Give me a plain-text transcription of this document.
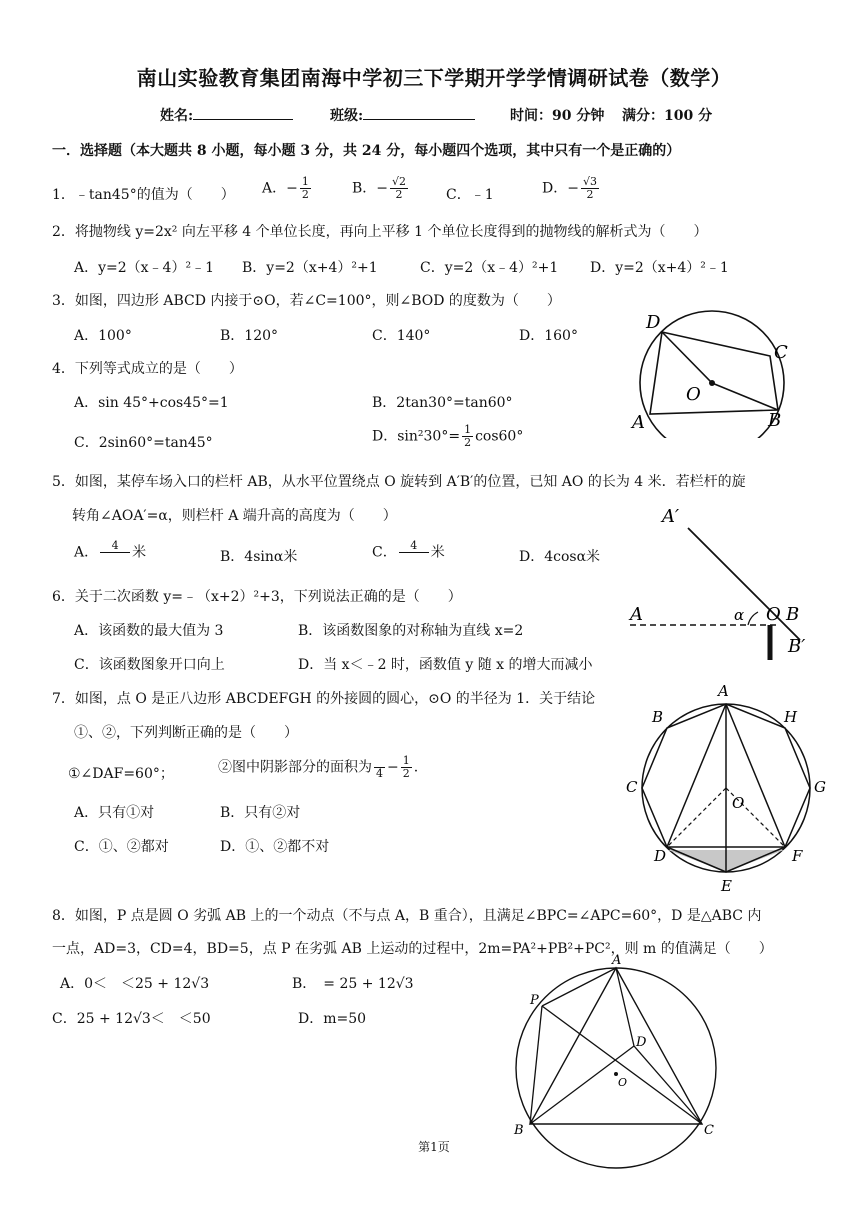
南山实验教育集团南海中学初三下学期开学学情调研试卷（数学）
姓名:	班级:	时间：90 分钟 满分：100 分
一．选择题（本大题共 8 小题，每小题 3 分，共 24 分，每小题四个选项，其中只有一个是正确的）
1．﹣tan45°的值为（　　） A．− $\frac{1}{2}$	B．− $\frac{√2}{2}$	C．﹣1	D．− $\frac{√3}{2}$
2．将抛物线 y=2x² 向左平移 4 个单位长度，再向上平移 1 个单位长度得到的抛物线的解析式为（　　）
A．y=2（x﹣4）²﹣1 B．y=2（x+4）²+1	C．y=2（x﹣4）²+1 D．y=2（x+4）²﹣1
3．如图，四边形 ABCD 内接于⊙O，若∠C=100°，则∠BOD 的度数为（　　）
A．100°	B．120°	C．140°	D．160°
D
C
O
A	B
4．下列等式成立的是（　　）
A．sin 45°+cos45°=1	B．2tan30°=tan60°
C．2sin60°=tan45°	D．$\sin^230^\circ= \frac{1}{2} \cos 60^\circ$
5．如图，某停车场入口的栏杆 AB，从水平位置绕点 O 旋转到 A′B′的位置，已知 AO 的长为 4 米．若栏杆的旋
转角∠AOA′=α，则栏杆 A 端升高的高度为（　　）
A．	4
米	B．4sinα米	C．	4
米	D．4cosα米
A′
A	α O B
B′
6．关于二次函数 y=﹣（x+2）²+3，下列说法正确的是（　　）
A．该函数的最大值为 3	B．该函数图象的对称轴为直线 x=2
C．该函数图象开口向上	D．当 x＜﹣2 时，函数值 y 随 x 的增大而减小
7．如图，点 O 是正八边形 ABCDEFGH 的外接圆的圆心，⊙O 的半径为 1．关于结论
①、②，下列判断正确的是（　　）
①∠DAF=60°；	②图中阴影部分的面积为
$4 - \frac{1}{2}$ .
A．只有①对	B．只有②对
C．①、②都对	D．①、②都不对
A
B	H
C
O
G
D	F
E
8．如图，P 点是圆 O 劣弧 AB 上的一个动点（不与点 A，B 重合），且满足∠BPC=∠APC=60°，D 是△ABC 内
一点，AD=3，CD=4，BD=5，点 P 在劣弧 AB 上运动的过程中，2m=PA²+PB²+PC²，则 m 的值满足（　　）
A．0＜　＜25 + 12√3	B．　= 25 + 12√3
C．25 + 12√3＜　＜50	D．m=50
A
P
D
O
B	C
第1页
